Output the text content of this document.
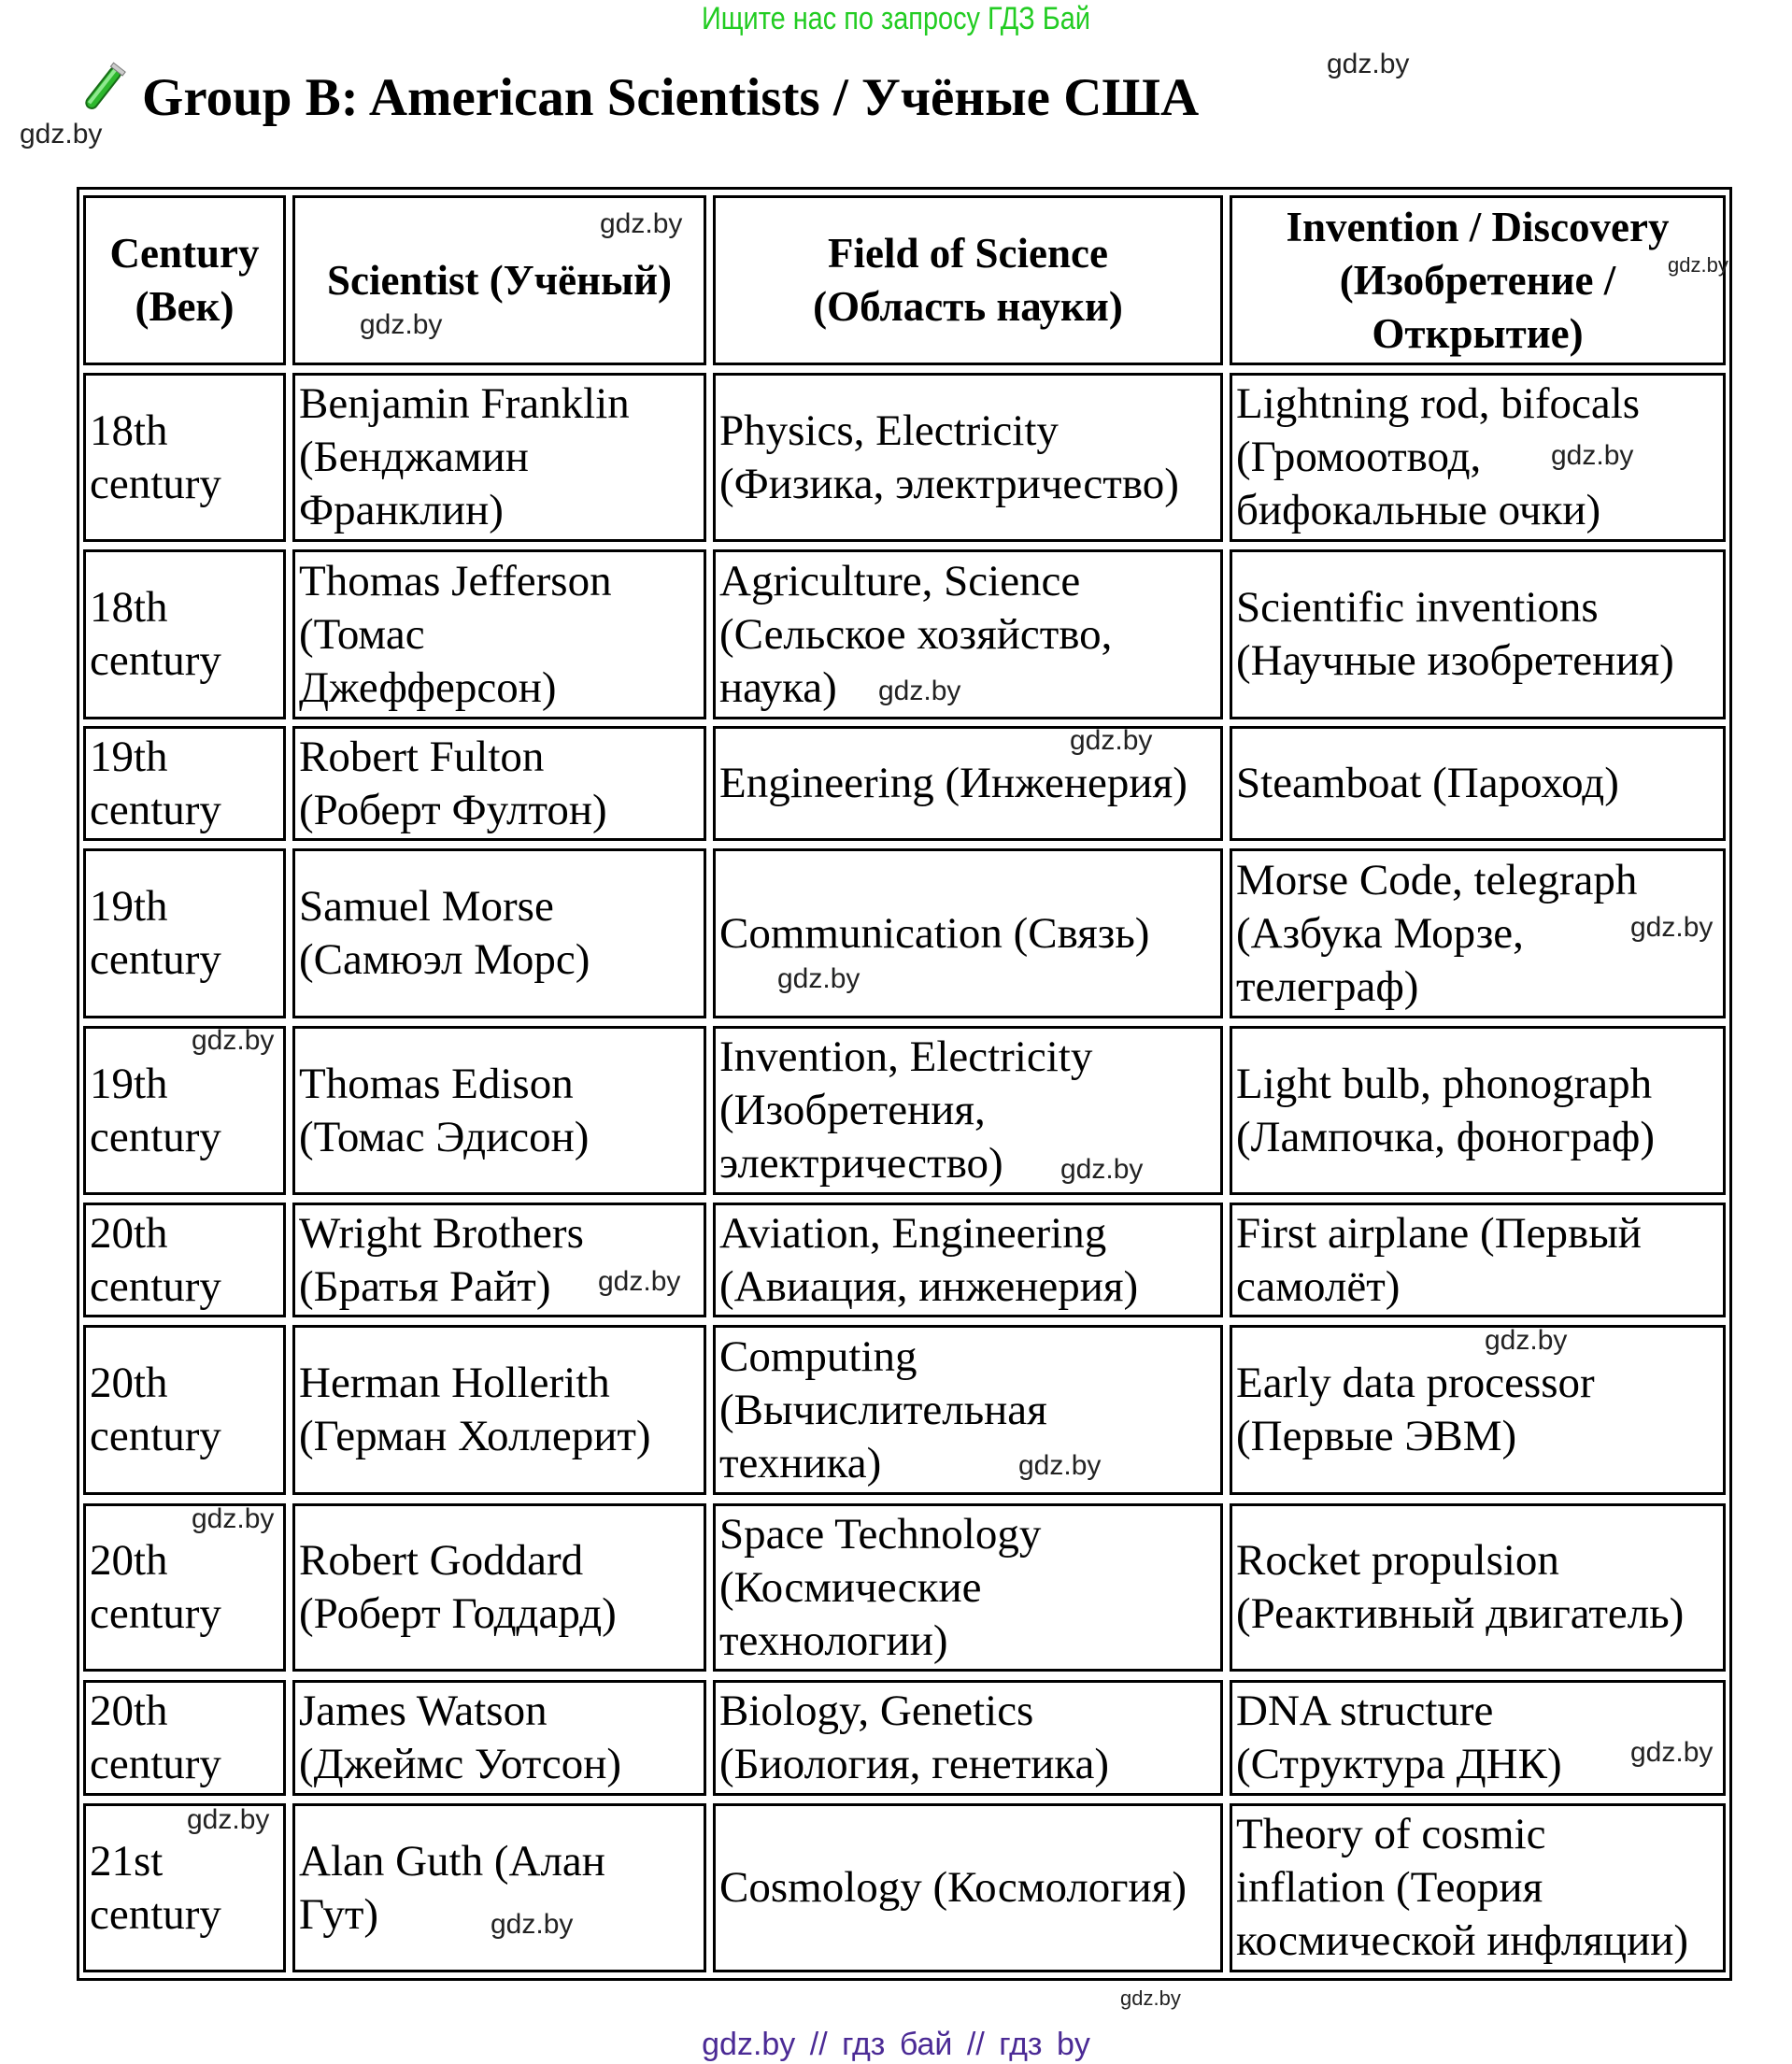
Ищите нас по запросу ГДЗ Бай
Group B: American Scientists / Учёные США
Century
(Век)
Scientist (Учёный)
Field of Science
(Область науки)
Invention / Discovery
(Изобретение /
Открытие)
18th
century
Benjamin Franklin
(Бенджамин
Франклин)
Physics, Electricity
(Физика, электричество)
Lightning rod, bifocals
(Громоотвод,
бифокальные очки)
18th
century
Thomas Jefferson
(Томас
Джефферсон)
Agriculture, Science
(Сельское хозяйство,
наука)
Scientific inventions
(Научные изобретения)
19th
century
Robert Fulton
(Роберт Фултон)
Engineering (Инженерия)	Steamboat (Пароход)
19th
century
Samuel Morse
(Самюэл Морс)
Communication (Связь)
Morse Code, telegraph
(Азбука Морзе,
телеграф)
19th
century
Thomas Edison
(Томас Эдисон)
Invention, Electricity
(Изобретения,
электричество)
Light bulb, phonograph
(Лампочка, фонограф)
20th
century
Wright Brothers
(Братья Райт)
Aviation, Engineering
(Авиация, инженерия)
First airplane (Первый
самолёт)
20th
century
Herman Hollerith
(Герман Холлерит)
Computing
(Вычислительная
техника)
Early data processor
(Первые ЭВМ)
20th
century
Robert Goddard
(Роберт Годдард)
Space Technology
(Космические
технологии)
Rocket propulsion
(Реактивный двигатель)
20th
century
James Watson
(Джеймс Уотсон)
Biology, Genetics
(Биология, генетика)
DNA structure
(Структура ДНК)
21st
century
Alan Guth (Алан
Гут)
Cosmology (Космология)
Theory of cosmic
inflation (Теория
космической инфляции)
gdz.by
gdz.by
gdz.by
gdz.by
gdz.by
gdz.by
gdz.by
gdz.by
gdz.by
gdz.by
gdz.by
gdz.by
gdz.by
gdz.by
gdz.by
gdz.by
gdz.by
gdz.by
gdz.by
gdz.by
gdz.by // гдз бай // гдз by
